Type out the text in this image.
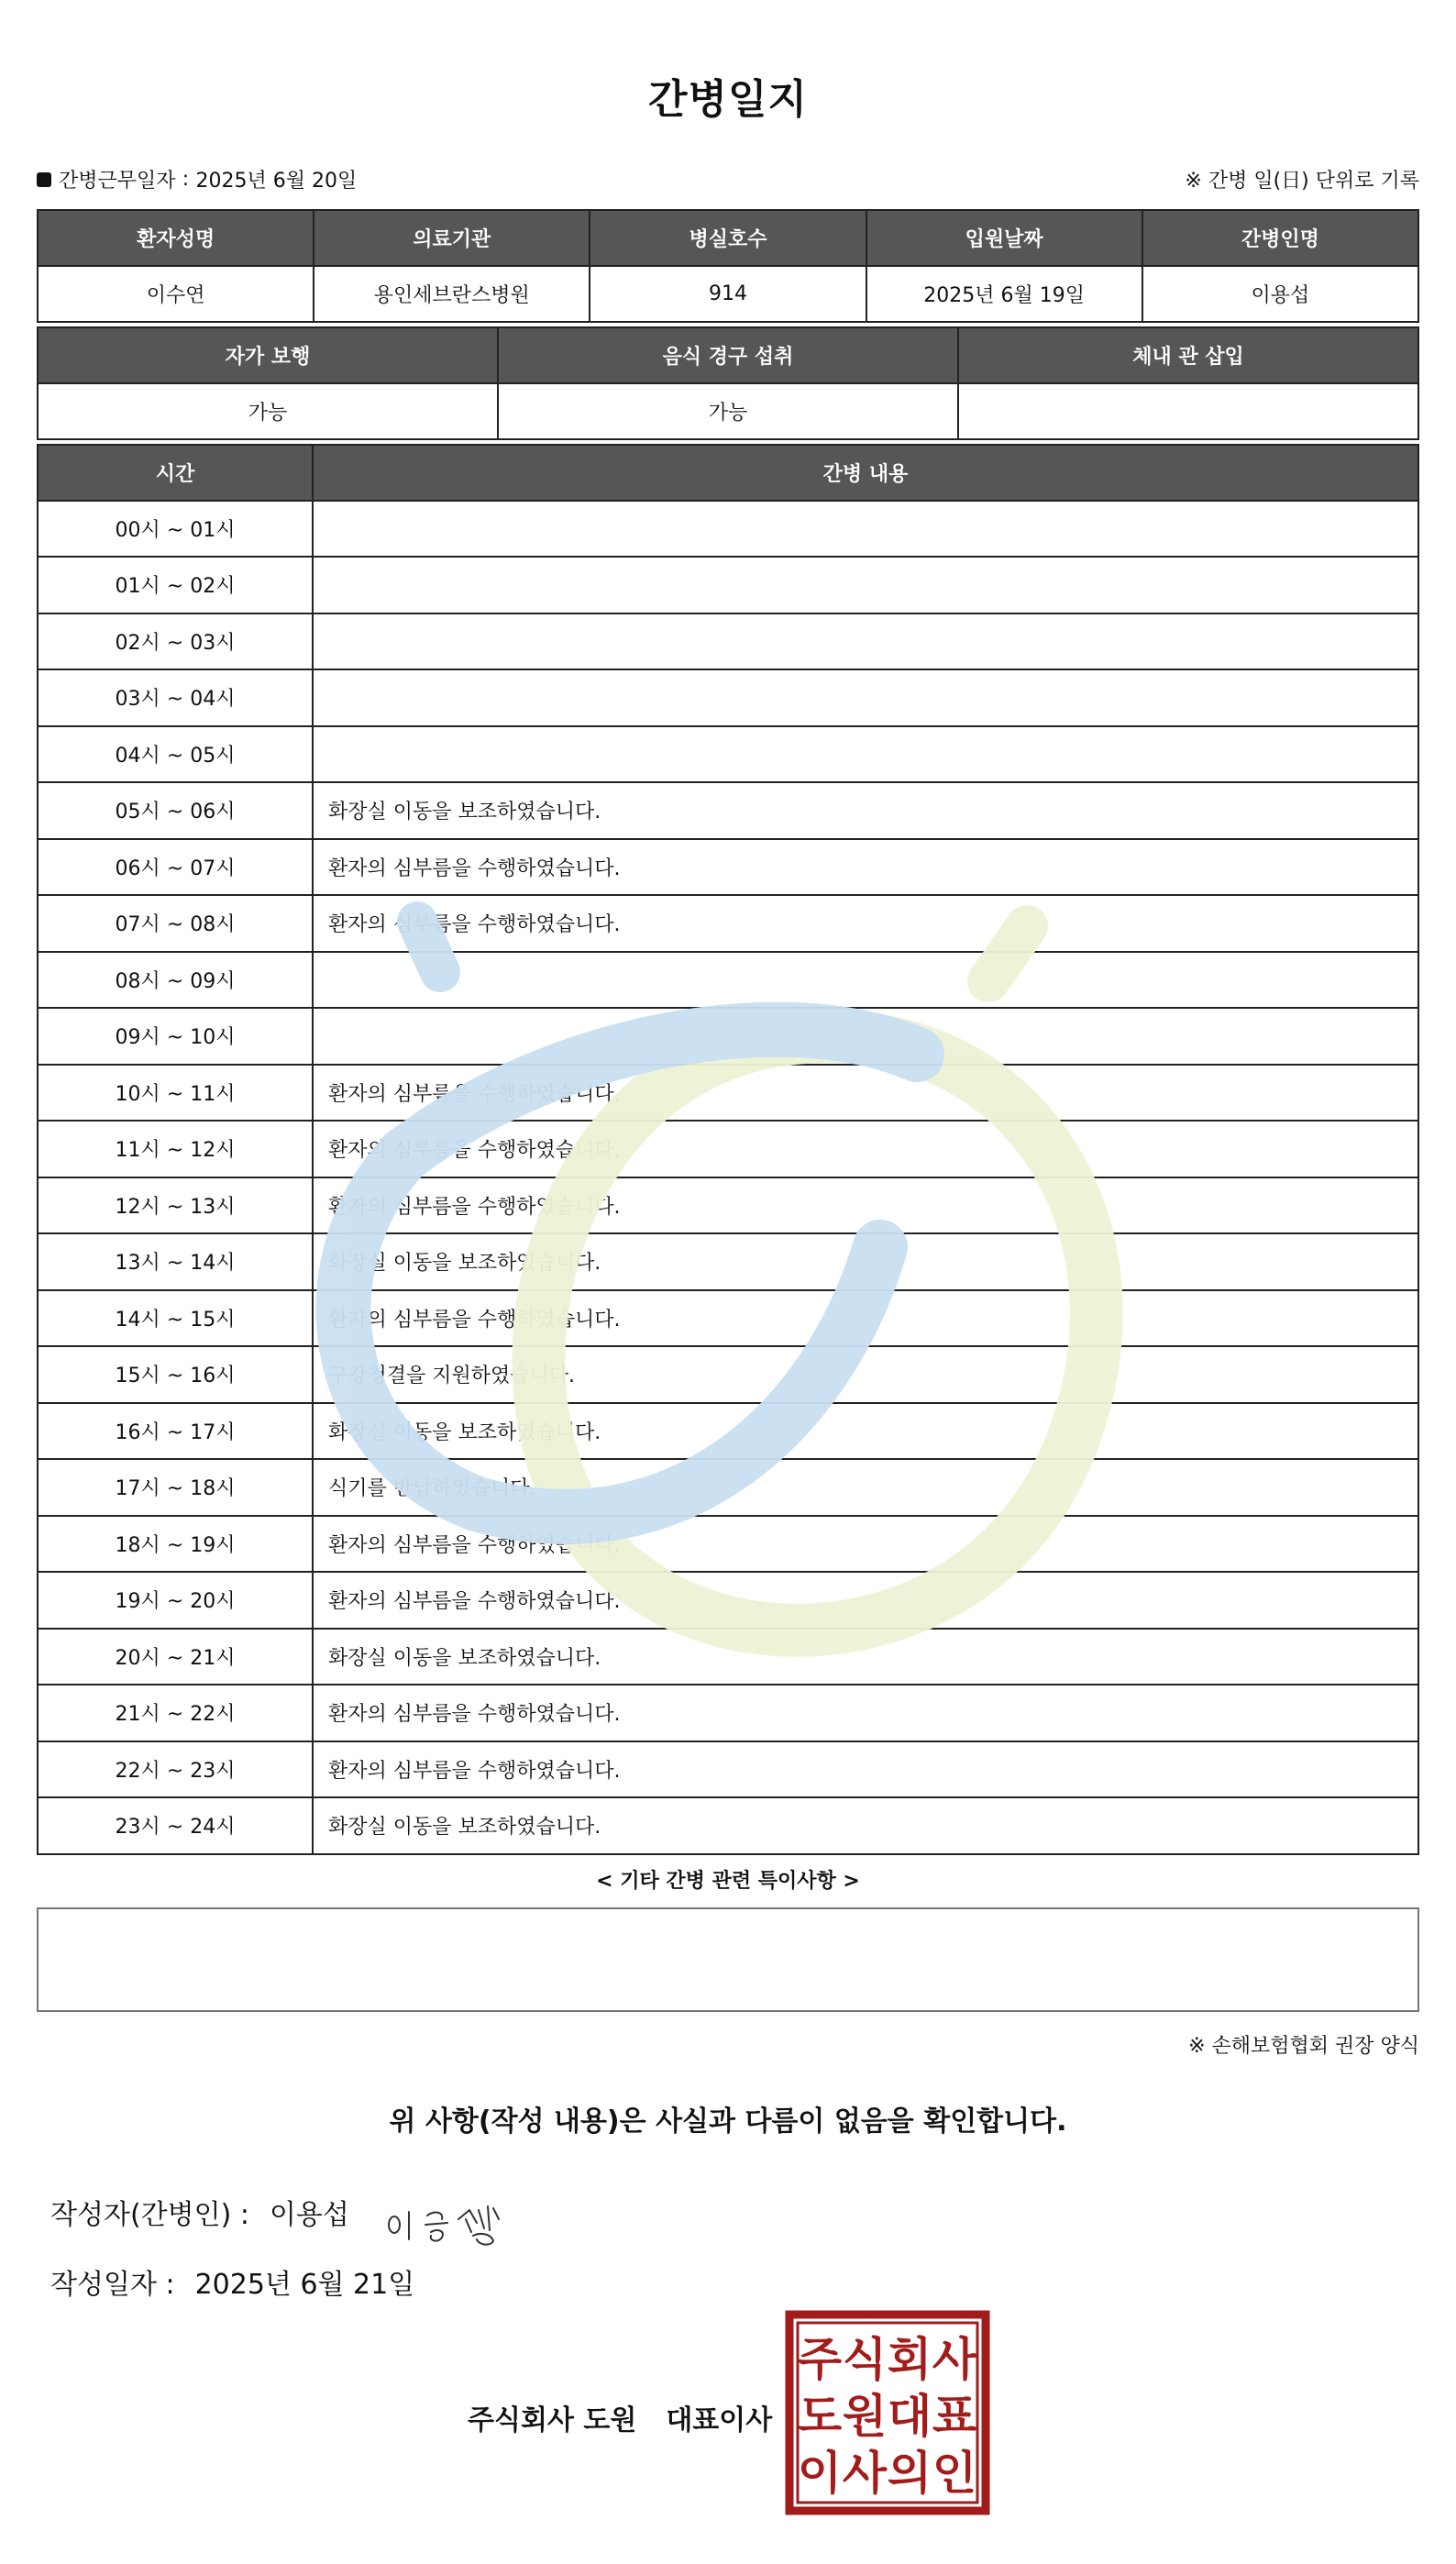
간병일지
간병근무일자 : 2025년 6월 20일	※ 간병 일(日) 단위로 기록
환자성명	의료기관	병실호수	입원날짜	간병인명
이수연	용인세브란스병원	914	2025년 6월 19일	이용섭
자가 보행	음식 경구 섭취	체내 관 삽입
가능	가능	
시간	간병 내용
00시 ~ 01시	
01시 ~ 02시	
02시 ~ 03시	
03시 ~ 04시	
04시 ~ 05시	
05시 ~ 06시	화장실 이동을 보조하였습니다.
06시 ~ 07시	환자의 심부름을 수행하였습니다.
07시 ~ 08시	환자의 심부름을 수행하였습니다.
08시 ~ 09시	
09시 ~ 10시	
10시 ~ 11시	환자의 심부름을 수행하였습니다.
11시 ~ 12시	환자의 심부름을 수행하였습니다.
12시 ~ 13시	환자의 심부름을 수행하였습니다.
13시 ~ 14시	화장실 이동을 보조하였습니다.
14시 ~ 15시	환자의 심부름을 수행하였습니다.
15시 ~ 16시	구강청결을 지원하였습니다.
16시 ~ 17시	화장실 이동을 보조하였습니다.
17시 ~ 18시	식기를 반납하였습니다.
18시 ~ 19시	환자의 심부름을 수행하였습니다.
19시 ~ 20시	환자의 심부름을 수행하였습니다.
20시 ~ 21시	화장실 이동을 보조하였습니다.
21시 ~ 22시	환자의 심부름을 수행하였습니다.
22시 ~ 23시	환자의 심부름을 수행하였습니다.
23시 ~ 24시	화장실 이동을 보조하였습니다.
< 기타 간병 관련 특이사항 >
※ 손해보험협회 권장 양식
위 사항(작성 내용)은 사실과 다름이 없음을 확인합니다.
작성자(간병인) : 이용섭
작성일자 : 2025년 6월 21일
주식회사 도원 대표이사
주 식 회 사
도 원 대 표
이 사 의 인
